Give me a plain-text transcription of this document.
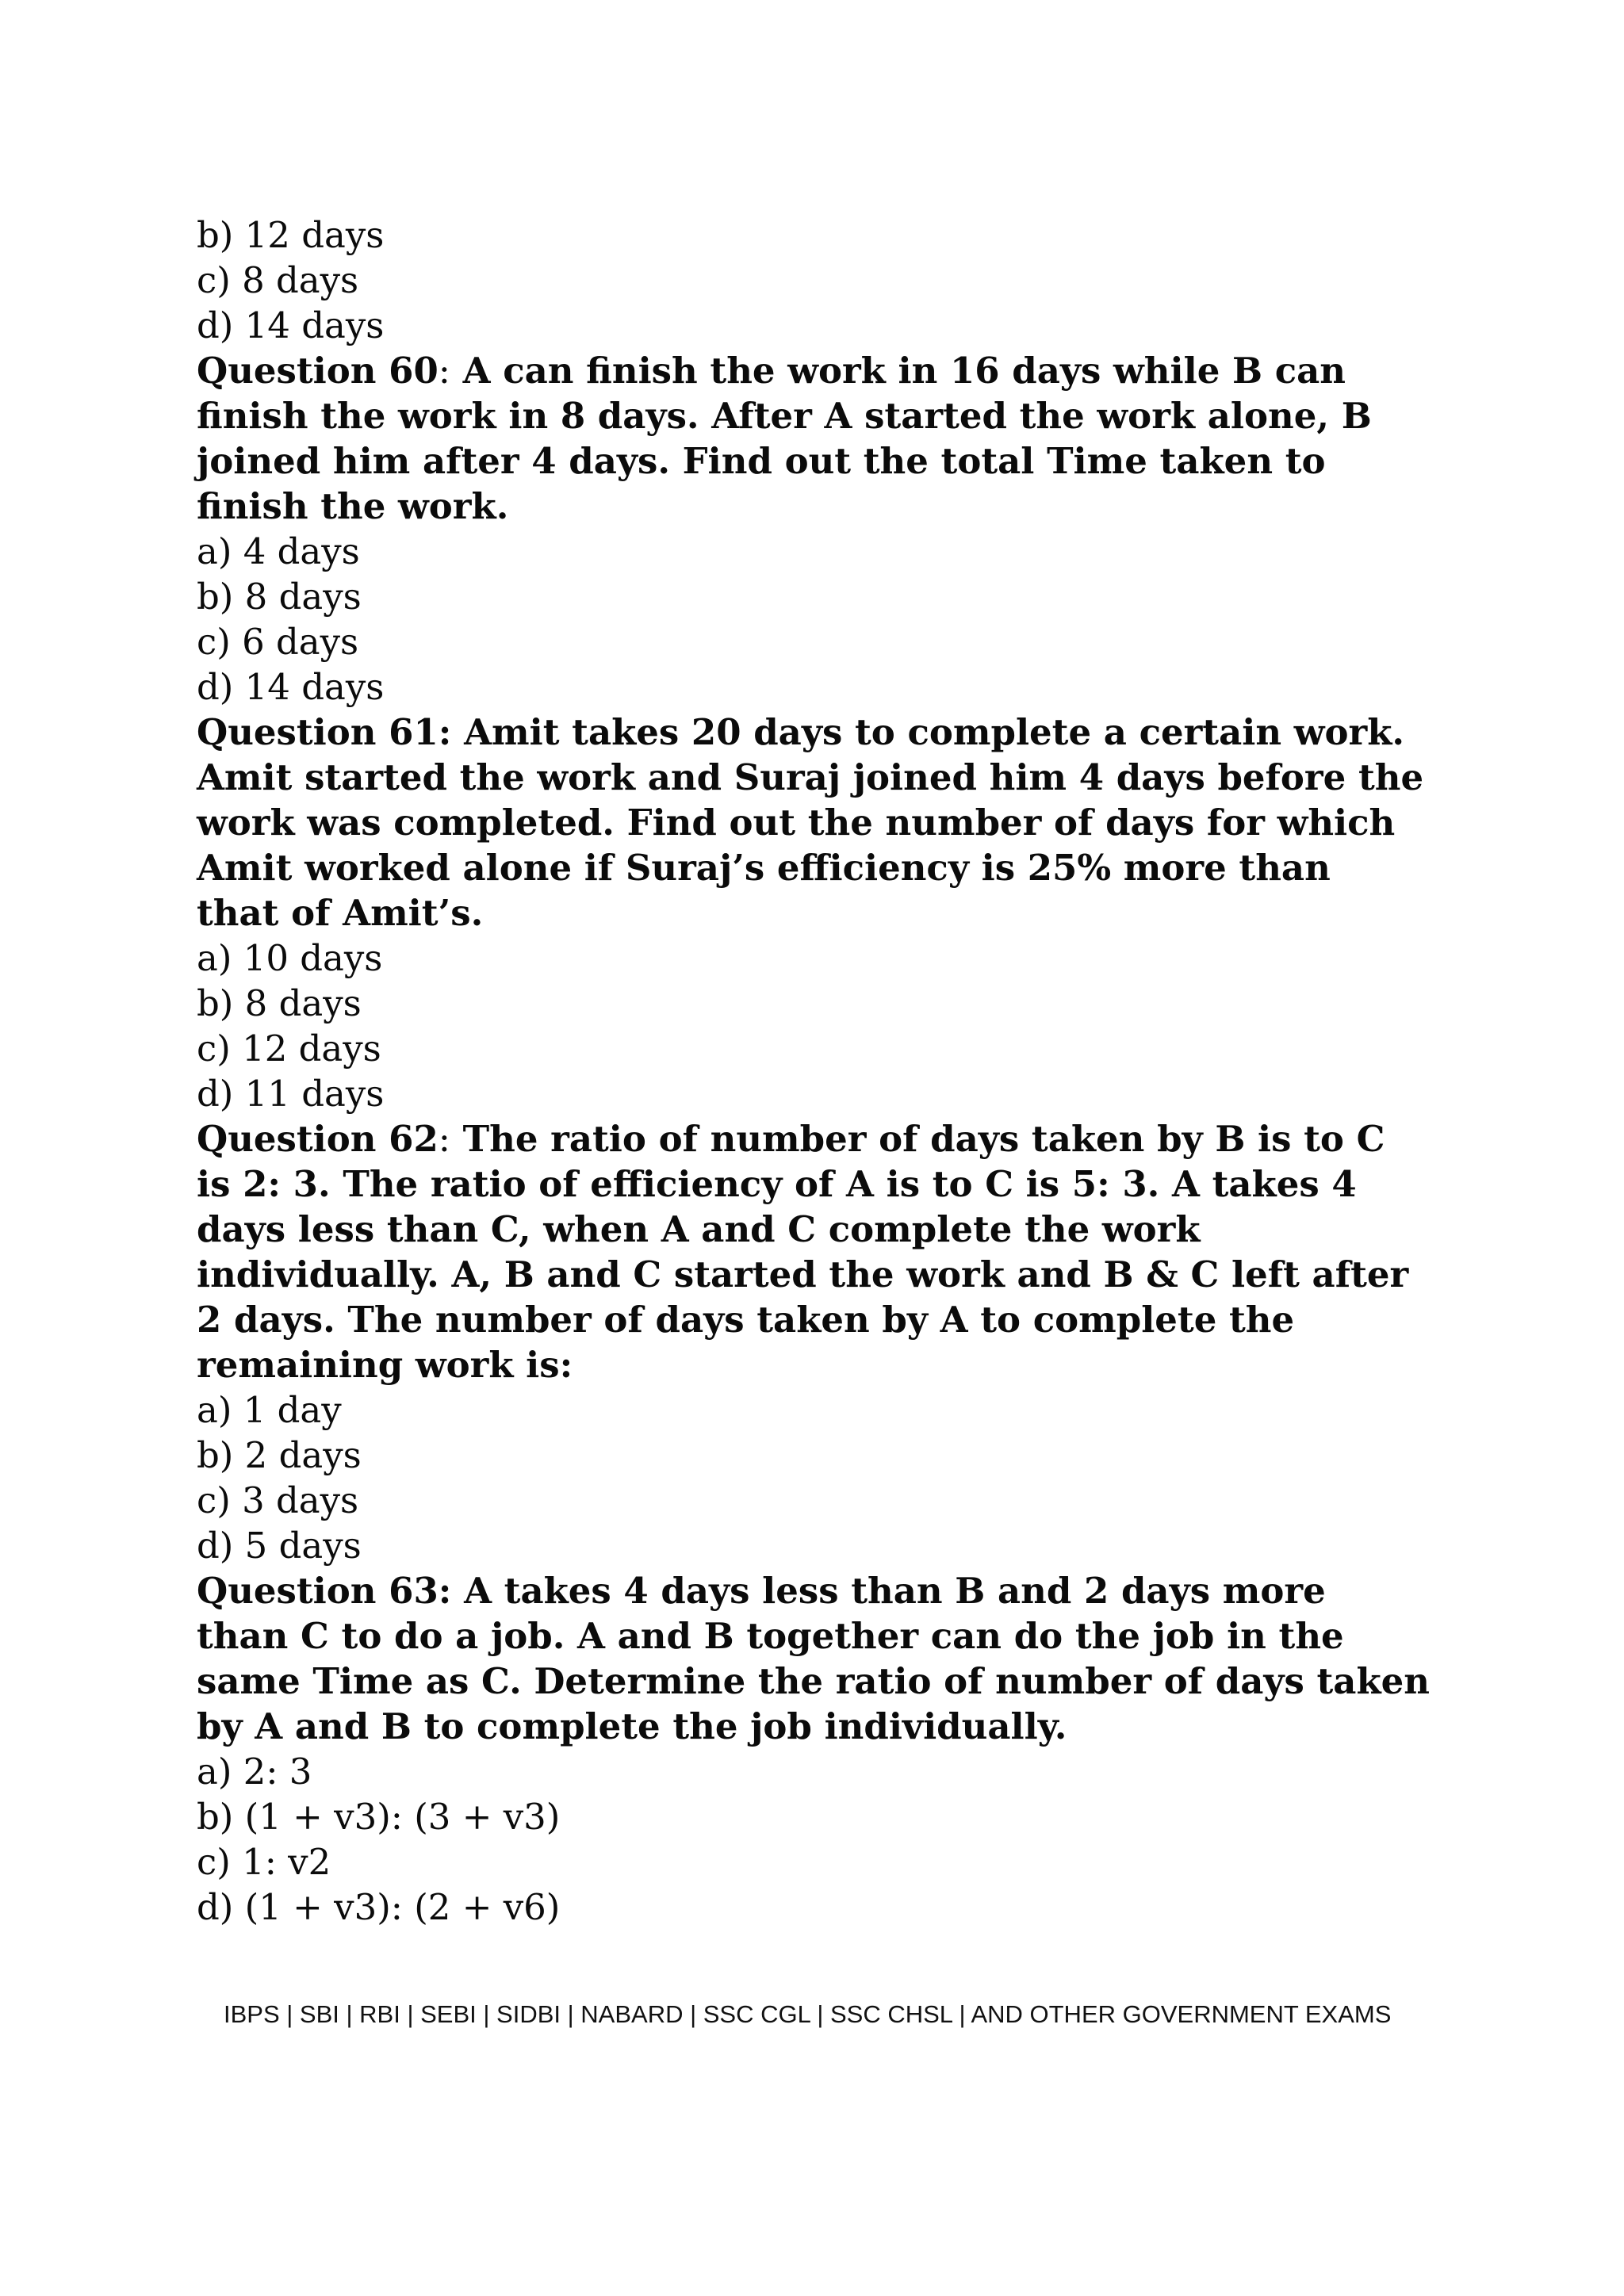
b) 12 days

c) 8 days

d) 14 days

Question 60: A can finish the work in 16 days while B can
finish the work in 8 days. After A started the work alone, B
joined him after 4 days. Find out the total Time taken to
finish the work.

a) 4 days

b) 8 days

c) 6 days

d) 14 days

Question 61: Amit takes 20 days to complete a certain work.
Amit started the work and Suraj joined him 4 days before the
work was completed. Find out the number of days for which
Amit worked alone if Suraj’s efficiency is 25% more than
that of Amit’s.

a) 10 days

b) 8 days

c) 12 days

d) 11 days

Question 62: The ratio of number of days taken by B is to C
is 2: 3. The ratio of efficiency of A is to C is 5: 3. A takes 4
days less than C, when A and C complete the work
individually. A, B and C started the work and B & C left after
2 days. The number of days taken by A to complete the
remaining work is:

a) 1 day

b) 2 days

c) 3 days

d) 5 days

Question 63: A takes 4 days less than B and 2 days more
than C to do a job. A and B together can do the job in the
same Time as C. Determine the ratio of number of days taken
by A and B to complete the job individually.

a) 2: 3

b) (1 + v3): (3 + v3)

c) 1: v2

d) (1 + v3): (2 + v6)

IBPS | SBI | RBI | SEBI | SIDBI | NABARD | SSC CGL | SSC CHSL | AND OTHER GOVERNMENT EXAMS
